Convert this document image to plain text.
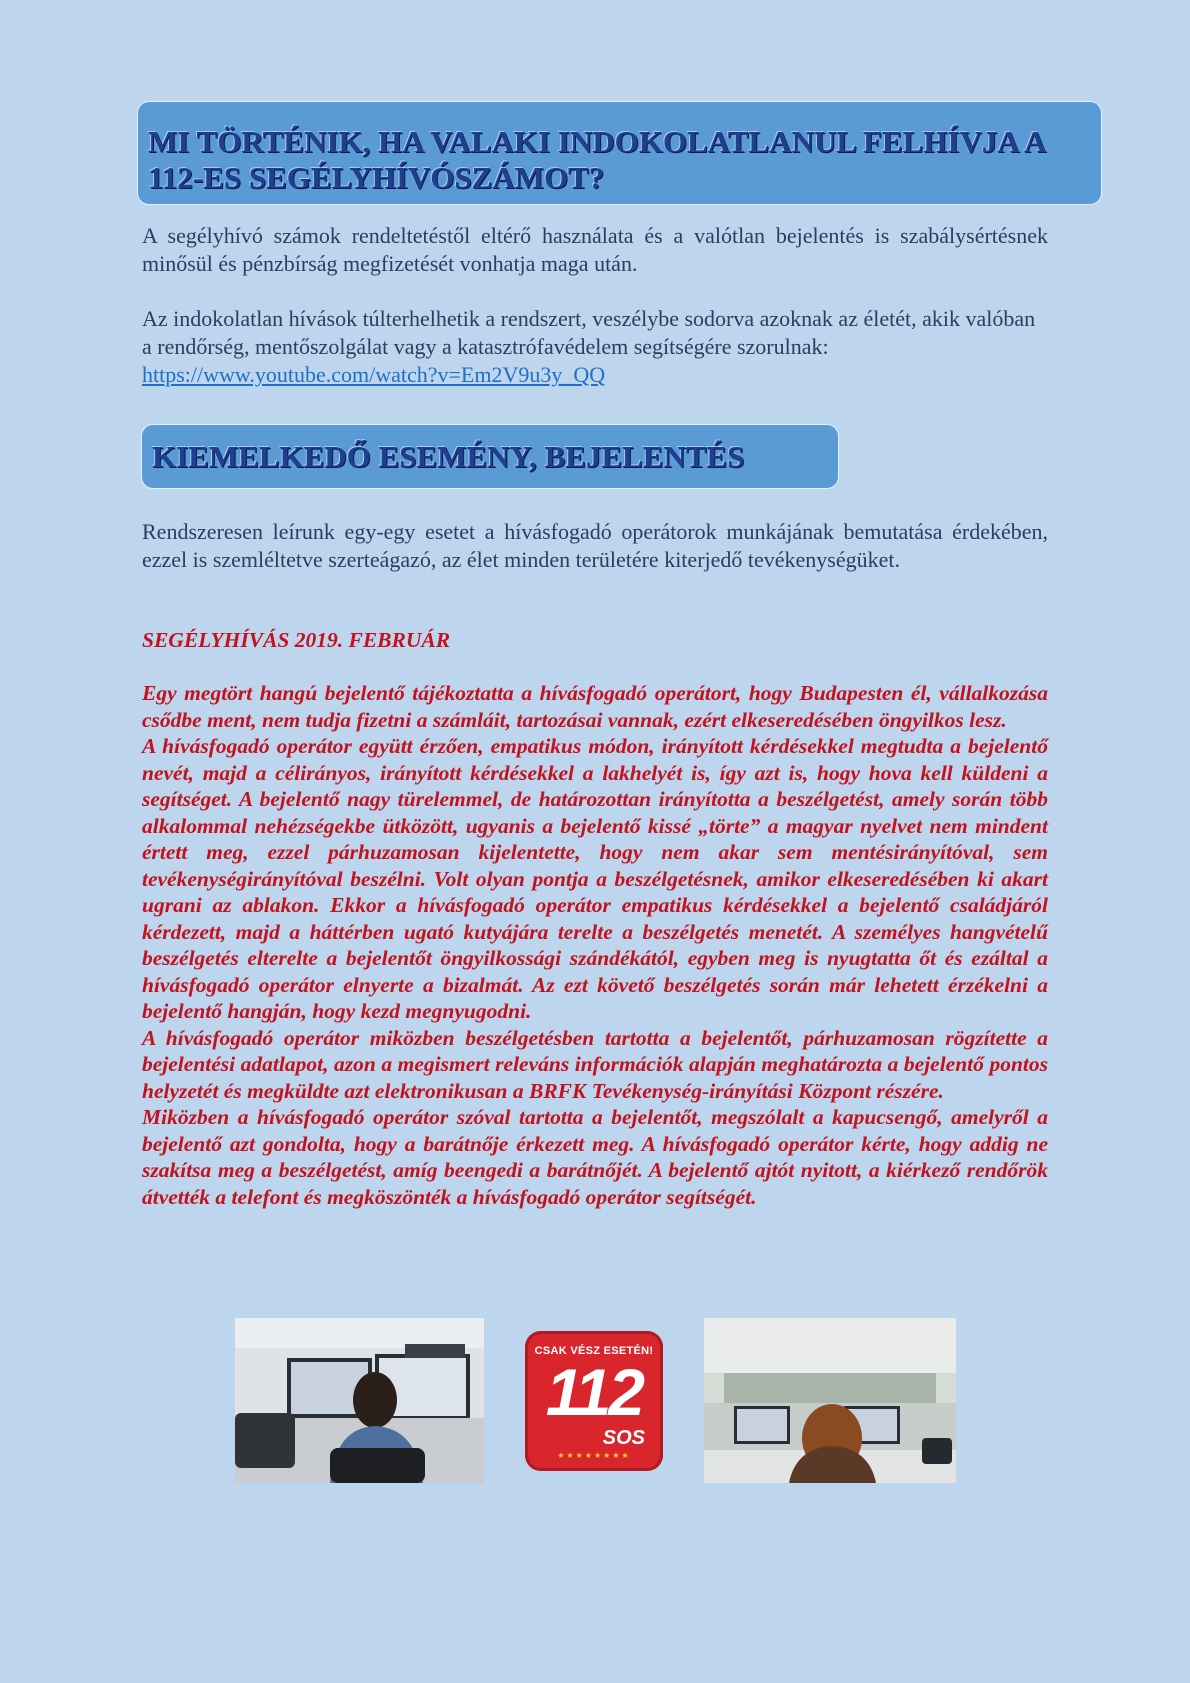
MI TÖRTÉNIK, HA VALAKI INDOKOLATLANUL FELHÍVJA A 112-ES SEGÉLYHÍVÓSZÁMOT?

A segélyhívó számok rendeltetéstől eltérő használata és a valótlan bejelentés is szabálysértésnek minősül és pénzbírság megfizetését vonhatja maga után.

Az indokolatlan hívások túlterhelhetik a rendszert, veszélybe sodorva azoknak az életét, akik valóban a rendőrség, mentőszolgálat vagy a katasztrófavédelem segítségére szorulnak:
https://www.youtube.com/watch?v=Em2V9u3y_QQ

KIEMELKEDŐ ESEMÉNY, BEJELENTÉS

Rendszeresen leírunk egy-egy esetet a hívásfogadó operátorok munkájának bemutatása érdekében, ezzel is szemléltetve szerteágazó, az élet minden területére kiterjedő tevékenységüket.

SEGÉLYHÍVÁS 2019. FEBRUÁR

Egy megtört hangú bejelentő tájékoztatta a hívásfogadó operátort, hogy Budapesten él, vállalkozása csődbe ment, nem tudja fizetni a számláit, tartozásai vannak, ezért elkeseredésében öngyilkos lesz.

A hívásfogadó operátor együtt érzően, empatikus módon, irányított kérdésekkel megtudta a bejelentő nevét, majd a célirányos, irányított kérdésekkel a lakhelyét is, így azt is, hogy hova kell küldeni a segítséget. A bejelentő nagy türelemmel, de határozottan irányította a beszélgetést, amely során több alkalommal nehézségekbe ütközött, ugyanis a bejelentő kissé „törte” a magyar nyelvet nem mindent értett meg, ezzel párhuzamosan kijelentette, hogy nem akar sem mentésirányítóval, sem tevékenységirányítóval beszélni. Volt olyan pontja a beszélgetésnek, amikor elkeseredésében ki akart ugrani az ablakon. Ekkor a hívásfogadó operátor empatikus kérdésekkel a bejelentő családjáról kérdezett, majd a háttérben ugató kutyájára terelte a beszélgetés menetét. A személyes hangvételű beszélgetés elterelte a bejelentőt öngyilkossági szándékától, egyben meg is nyugtatta őt és ezáltal a hívásfogadó operátor elnyerte a bizalmát. Az ezt követő beszélgetés során már lehetett érzékelni a bejelentő hangján, hogy kezd megnyugodni.

A hívásfogadó operátor miközben beszélgetésben tartotta a bejelentőt, párhuzamosan rögzítette a bejelentési adatlapot, azon a megismert releváns információk alapján meghatározta a bejelentő pontos helyzetét és megküldte azt elektronikusan a BRFK Tevékenység-irányítási Központ részére.

Miközben a hívásfogadó operátor szóval tartotta a bejelentőt, megszólalt a kapucsengő, amelyről a bejelentő azt gondolta, hogy a barátnője érkezett meg. A hívásfogadó operátor kérte, hogy addig ne szakítsa meg a beszélgetést, amíg beengedi a barátnőjét. A bejelentő ajtót nyitott, a kiérkező rendőrök átvették a telefont és megköszönték a hívásfogadó operátor segítségét.

CSAK VÉSZ ESETÉN!
112
SOS
★★★★★★★★
